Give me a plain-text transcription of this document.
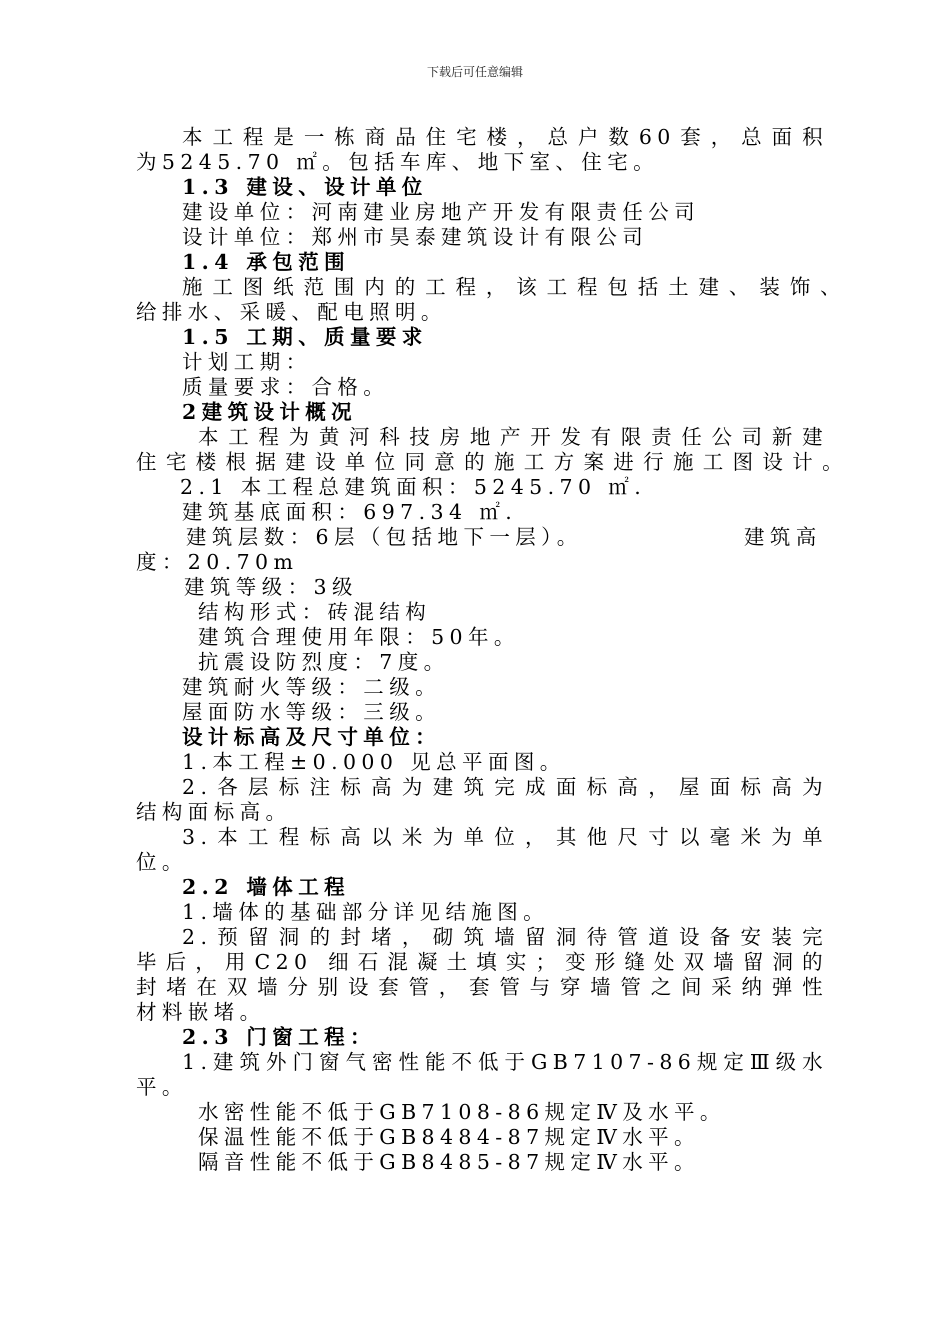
下载后可任意编辑
本工程是一栋商品住宅楼，总户数60套，总面积
为5245.70 ㎡。包括车库、地下室、住宅。
1.3 建设、设计单位
建设单位：河南建业房地产开发有限责任公司
设计单位：郑州市昊泰建筑设计有限公司
1.4 承包范围
施工图纸范围内的工程，该工程包括土建、装饰、
给排水、采暖、配电照明。
1.5 工期、质量要求
计划工期：
质量要求：合格。
2建筑设计概况
本工程为黄河科技房地产开发有限责任公司新建
住宅楼根据建设单位同意的施工方案进行施工图设计。
2.1 本工程总建筑面积：5245.70 ㎡.
建筑基底面积：697.34 ㎡.
建筑层数：6层（包括地下一层）。	建筑高
度：20.70m
建筑等级：3级
结构形式：砖混结构
建筑合理使用年限：50年。
抗震设防烈度：7度。
建筑耐火等级：二级。
屋面防水等级：三级。
设计标高及尺寸单位：
1.本工程±0.000 见总平面图。
2.各层标注标高为建筑完成面标高，屋面标高为
结构面标高。
3.本工程标高以米为单位，其他尺寸以毫米为单
位。
2.2 墙体工程
1.墙体的基础部分详见结施图。
2.预留洞的封堵，砌筑墙留洞待管道设备安装完
毕后，用C20 细石混凝土填实；变形缝处双墙留洞的
封堵在双墙分别设套管，套管与穿墙管之间采纳弹性
材料嵌堵。
2.3 门窗工程：
1.建筑外门窗气密性能不低于GB7107-86规定Ⅲ级水
平。
水密性能不低于GB7108-86规定Ⅳ及水平。
保温性能不低于GB8484-87规定Ⅳ水平。
隔音性能不低于GB8485-87规定Ⅳ水平。
